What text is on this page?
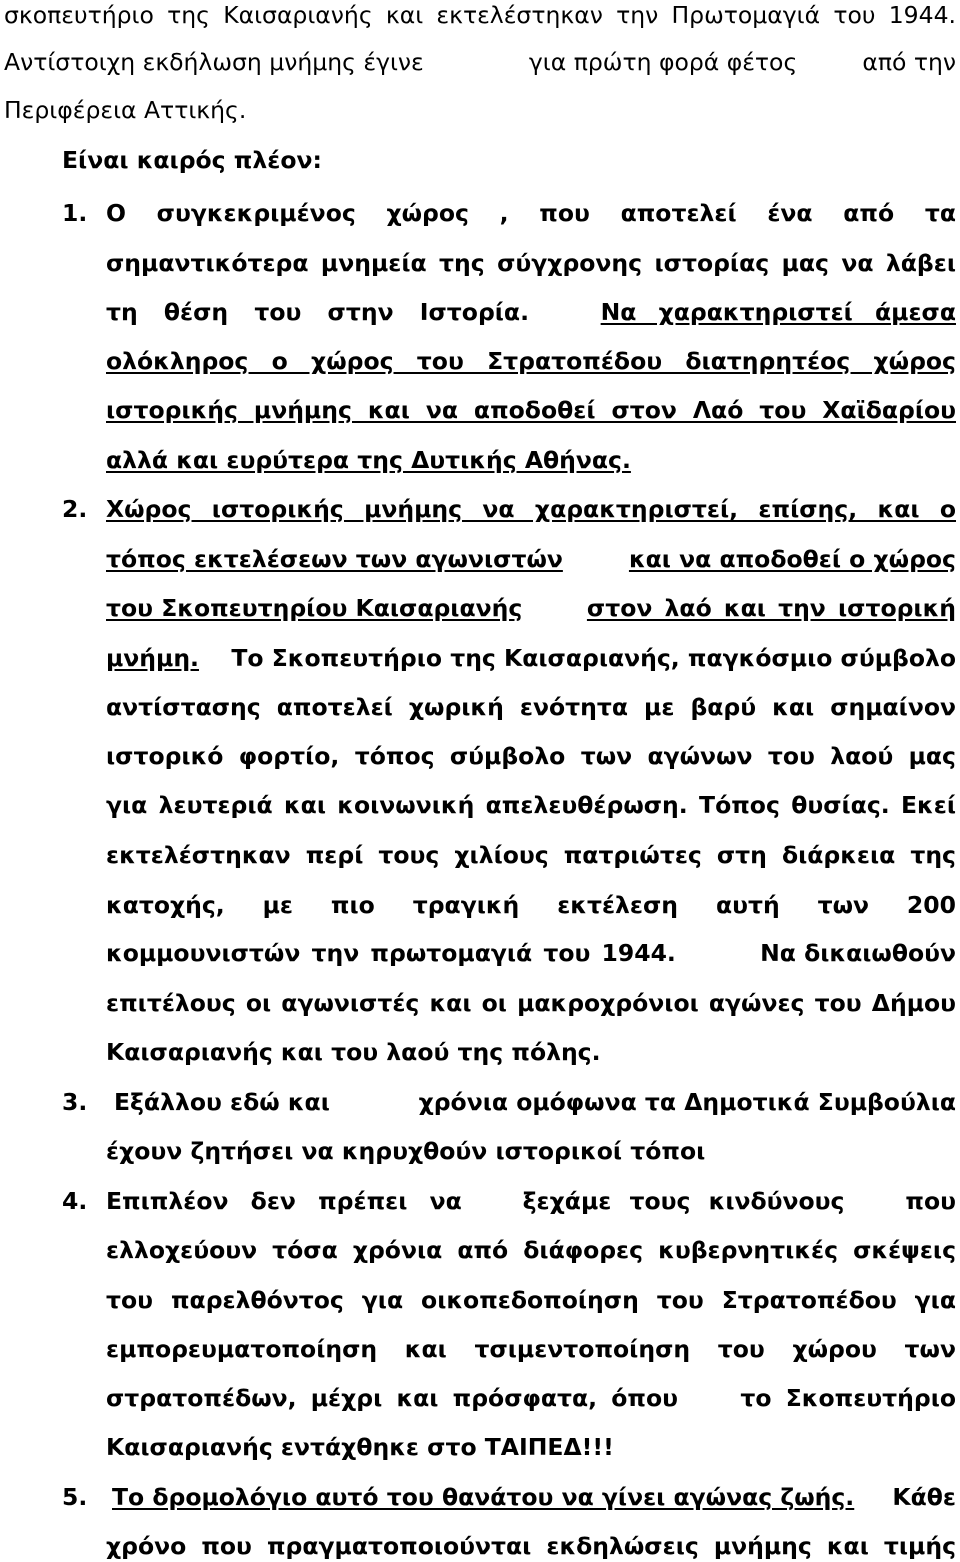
σκοπευτήριο της Καισαριανής και εκτελέστηκαν την Πρωτομαγιά του 1944.
Αντίστοιχη εκδήλωση μνήμης έγινε	για πρώτη φορά φέτος	από την
Περιφέρεια Αττικής.
Είναι καιρός πλέον:
1. Ο συγκεκριμένος χώρος , που αποτελεί ένα από τα
σημαντικότερα μνημεία της σύγχρονης ιστορίας μας να λάβει
τη θέση του στην Ιστορία.	Να χαρακτηριστεί άμεσα
ολόκληρος ο χώρος του Στρατοπέδου διατηρητέος χώρος
ιστορικής μνήμης και να αποδοθεί στον Λαό του Χαϊδαρίου
αλλά και ευρύτερα της Δυτικής Αθήνας.
2. Χώρος ιστορικής μνήμης να χαρακτηριστεί, επίσης, και ο
τόπος εκτελέσεων των αγωνιστών	και να αποδοθεί ο χώρος
του Σκοπευτηρίου Καισαριανής	στον λαό και την ιστορική
μνήμη. Το Σκοπευτήριο της Καισαριανής, παγκόσμιο σύμβολο
αντίστασης αποτελεί χωρική ενότητα με βαρύ και σημαίνον
ιστορικό φορτίο, τόπος σύμβολο των αγώνων του λαού μας
για λευτεριά και κοινωνική απελευθέρωση. Τόπος θυσίας. Εκεί
εκτελέστηκαν περί τους χιλίους πατριώτες στη διάρκεια της
κατοχής, με πιο τραγική εκτέλεση αυτή των 200
κομμουνιστών την πρωτομαγιά του 1944.	Να δικαιωθούν
επιτέλους οι αγωνιστές και οι μακροχρόνιοι αγώνες του Δήμου
Καισαριανής και του λαού της πόλης.
3. Εξάλλου εδώ και	χρόνια ομόφωνα τα Δημοτικά Συμβούλια
έχουν ζητήσει να κηρυχθούν ιστορικοί τόποι
4. Επιπλέον δεν πρέπει να	ξεχάμε τους κινδύνους	που
ελλοχεύουν τόσα χρόνια από διάφορες κυβερνητικές σκέψεις
του παρελθόντος για οικοπεδοποίηση του Στρατοπέδου για
εμπορευματοποίηση και τσιμεντοποίηση του χώρου των
στρατοπέδων, μέχρι και πρόσφατα, όπου	το Σκοπευτήριο
Καισαριανής εντάχθηκε στο ΤΑΙΠΕΔ!!!
5. Το δρομολόγιο αυτό του θανάτου να γίνει αγώνας ζωής. Κάθε
χρόνο που πραγματοποιούνται εκδηλώσεις μνήμης και τιμής
